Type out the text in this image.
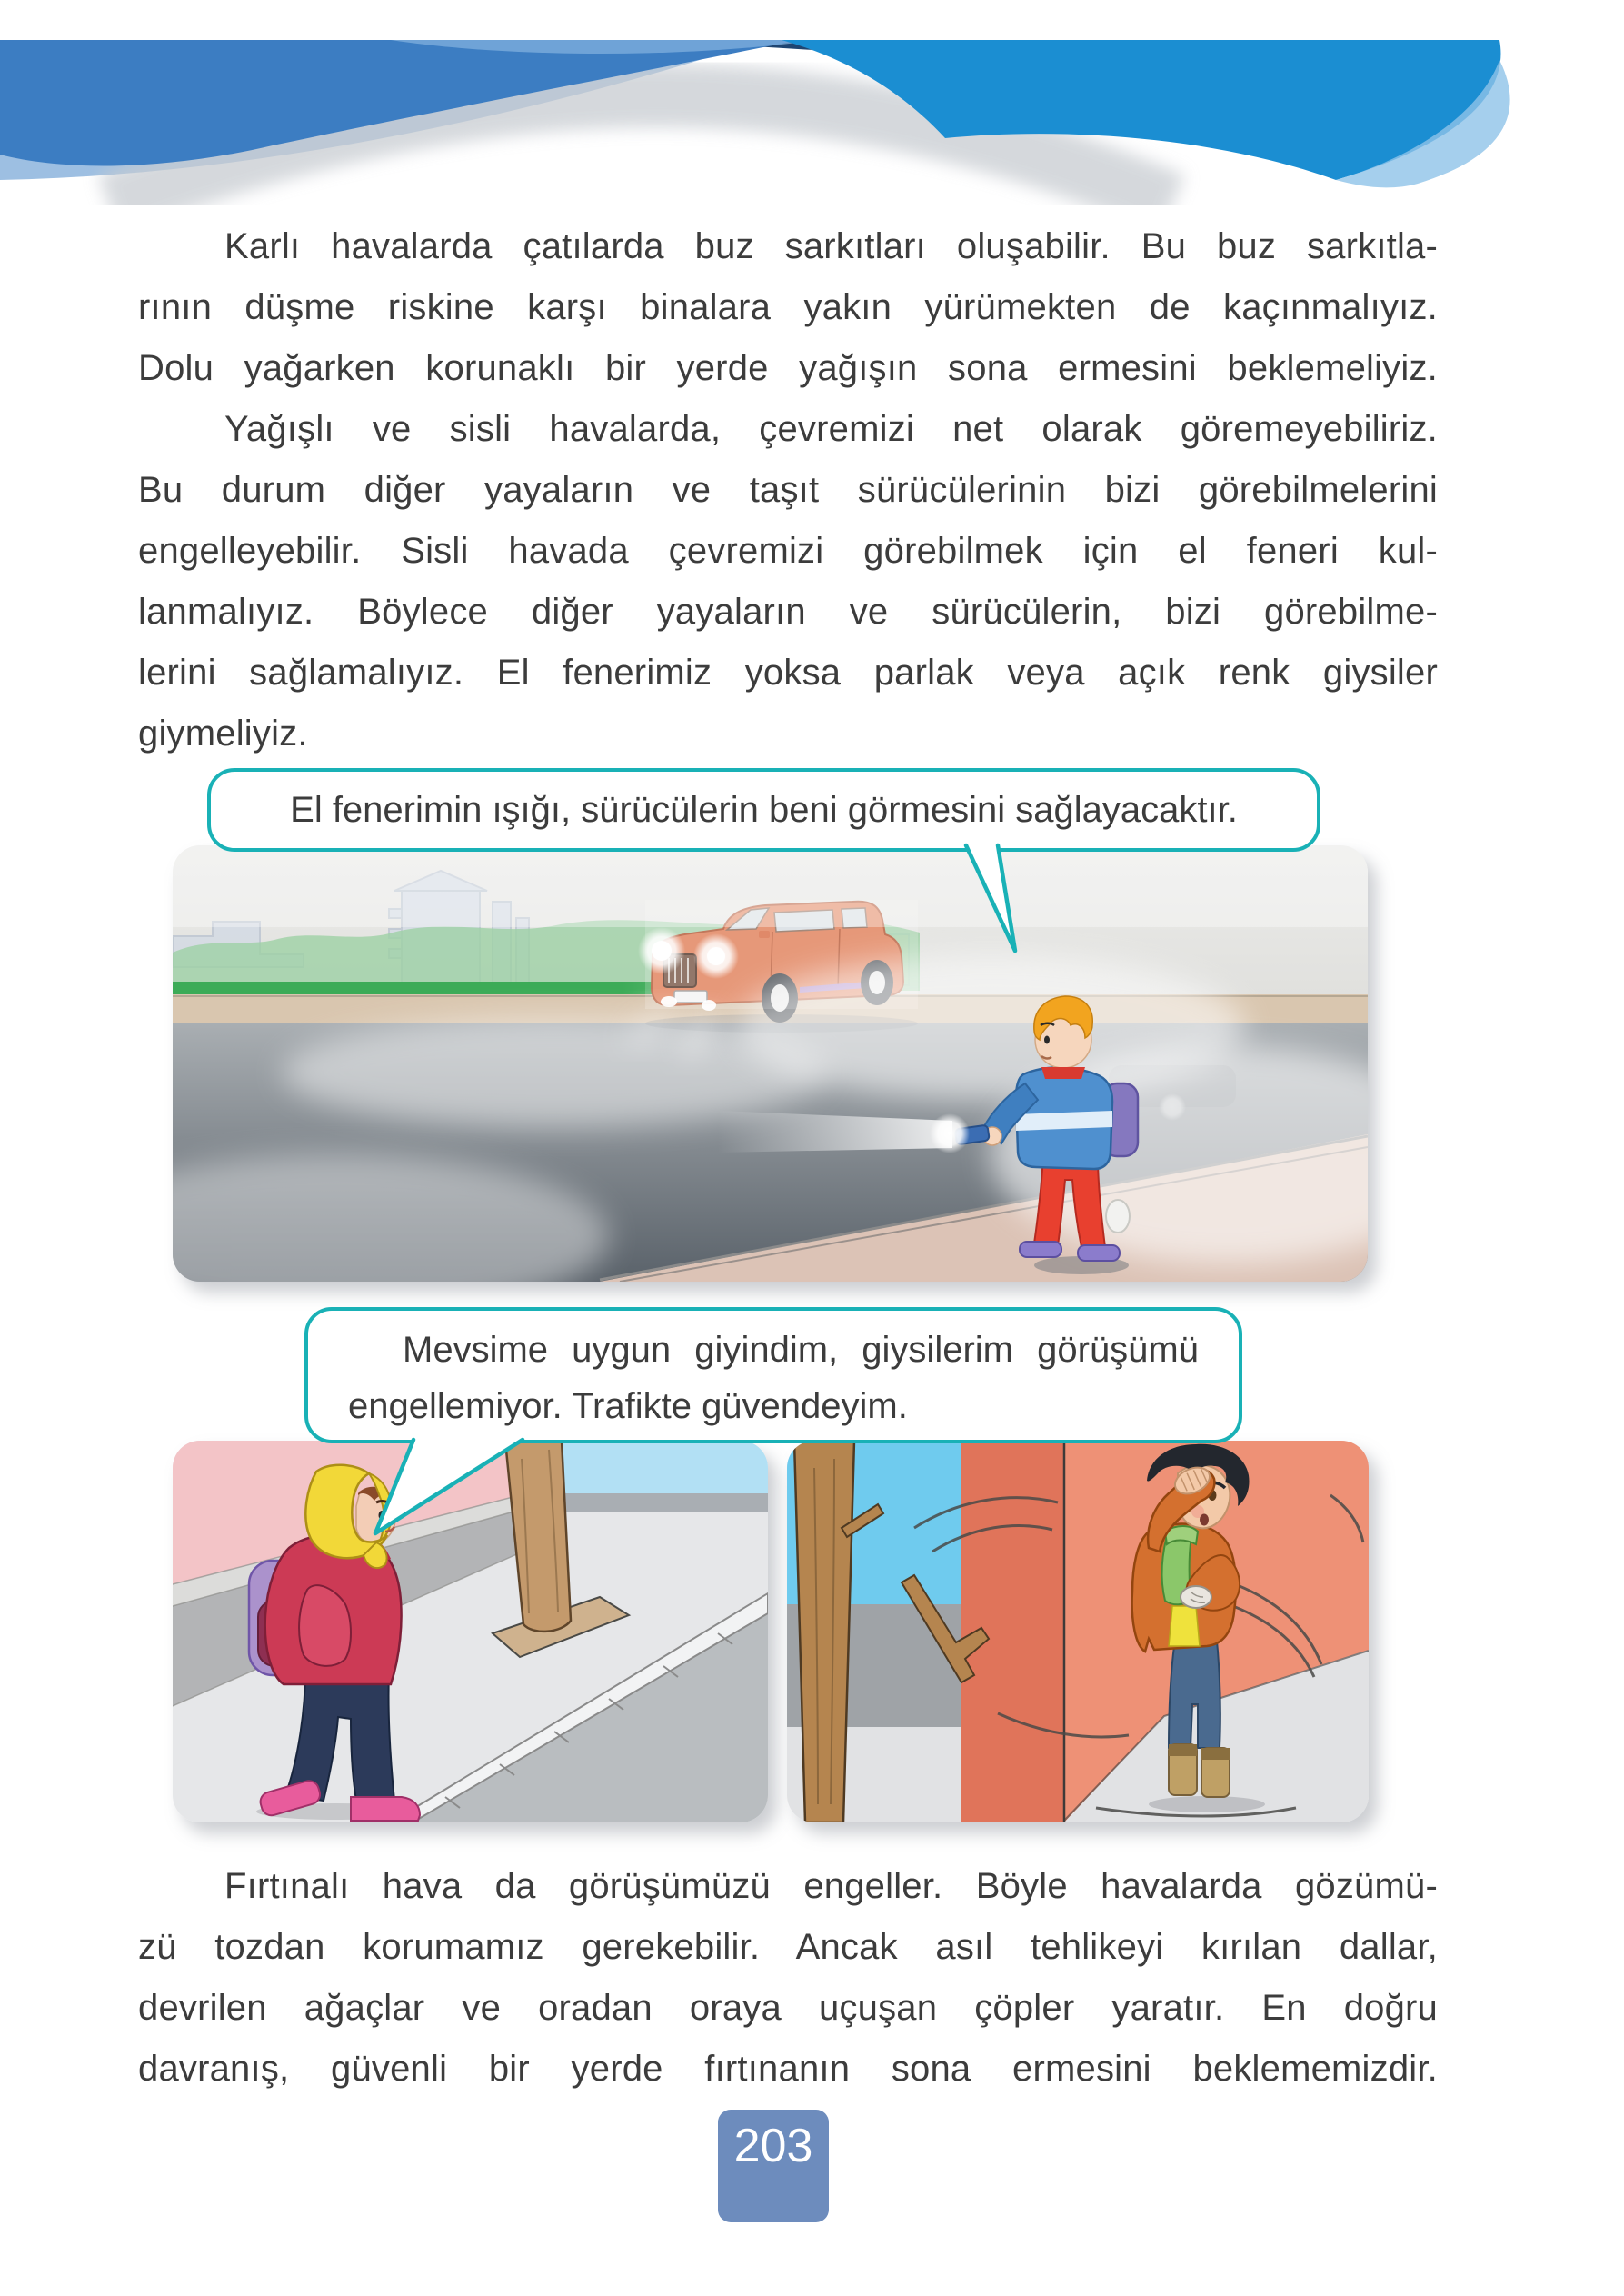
Karlı havalarda çatılarda buz sarkıtları oluşabilir. Bu buz sarkıtla-
rının düşme riskine karşı binalara yakın yürümekten de kaçınmalıyız.
Dolu yağarken korunaklı bir yerde yağışın sona ermesini beklemeliyiz.
Yağışlı ve sisli havalarda, çevremizi net olarak göremeyebiliriz.
Bu durum diğer yayaların ve taşıt sürücülerinin bizi görebilmelerini
engelleyebilir. Sisli havada çevremizi görebilmek için el feneri kul-
lanmalıyız. Böylece diğer yayaların ve sürücülerin, bizi görebilme-
lerini sağlamalıyız. El fenerimiz yoksa parlak veya açık renk giysiler
giymeliyiz.
El fenerimin ışığı, sürücülerin beni görmesini sağlayacaktır.
Mevsime uygun giyindim, giysilerim görüşümü
engellemiyor. Trafikte güvendeyim.
Fırtınalı hava da görüşümüzü engeller. Böyle havalarda gözümü-
zü tozdan korumamız gerekebilir. Ancak asıl tehlikeyi kırılan dallar,
devrilen ağaçlar ve oradan oraya uçuşan çöpler yaratır. En doğru
davranış, güvenli bir yerde fırtınanın sona ermesini beklememizdir.
203
